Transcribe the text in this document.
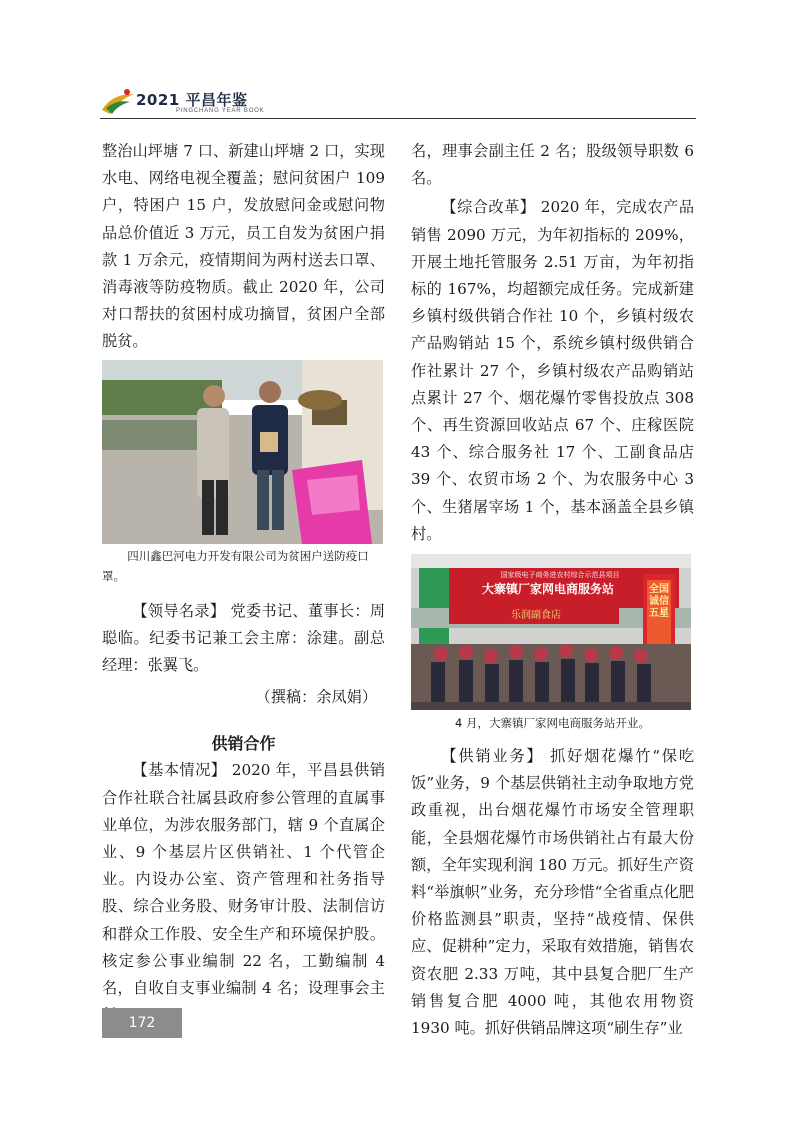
2021 平昌年鉴
PINGCHANG YEAR BOOK

整治山坪塘 7 口、新建山坪塘 2 口，实现水电、网络电视全覆盖；慰问贫困户 109 户，特困户 15 户，发放慰问金或慰问物品总价值近 3 万元，员工自发为贫困户捐款 1 万余元，疫情期间为两村送去口罩、消毒液等防疫物质。截止 2020 年，公司对口帮扶的贫困村成功摘冒，贫困户全部脱贫。

四川鑫巴河电力开发有限公司为贫困户送防疫口罩。

【领导名录】 党委书记、董事长：周聪临。纪委书记兼工会主席：涂建。副总经理：张翼飞。

（撰稿：余凤娟）

供销合作

【基本情况】 2020 年，平昌县供销合作社联合社属县政府参公管理的直属事业单位，为涉农服务部门，辖 9 个直属企业、9 个基层片区供销社、1 个代管企业。内设办公室、资产管理和社务指导股、综合业务股、财务审计股、法制信访和群众工作股、安全生产和环境保护股。核定参公事业编制 22 名，工勤编制 4 名，自收自支事业编制 4 名；设理事会主

名，理事会副主任 2 名；股级领导职数 6 名。

【综合改革】 2020 年，完成农产品销售 2090 万元，为年初指标的 209%，开展土地托管服务 2.51 万亩，为年初指标的 167%，均超额完成任务。完成新建乡镇村级供销合作社 10 个，乡镇村级农产品购销站 15 个，系统乡镇村级供销合作社累计 27 个，乡镇村级农产品购销站点累计 27 个、烟花爆竹零售投放点 308 个、再生资源回收站点 67 个、庄稼医院 43 个、综合服务社 17 个、工副食品店 39 个、农贸市场 2 个、为农服务中心 3 个、生猪屠宰场 1 个，基本涵盖全县乡镇村。

乐润副食店
国家级电子商务进农村综合示范县项目
大寨镇厂家网电商服务站	全国诚信五星

4 月，大寨镇厂家网电商服务站开业。

【供销业务】 抓好烟花爆竹“保吃饭”业务，9 个基层供销社主动争取地方党政重视，出台烟花爆竹市场安全管理职能，全县烟花爆竹市场供销社占有最大份额，全年实现利润 180 万元。抓好生产资料“举旗帜”业务，充分珍惜“全省重点化肥价格监测县”职责，坚持“战疫情、保供应、促耕种”定力，采取有效措施，销售农资农肥 2.33 万吨，其中县复合肥厂生产销售复合肥 4000 吨，其他农用物资 1930 吨。抓好供销品牌这项“刷生存”业

172
